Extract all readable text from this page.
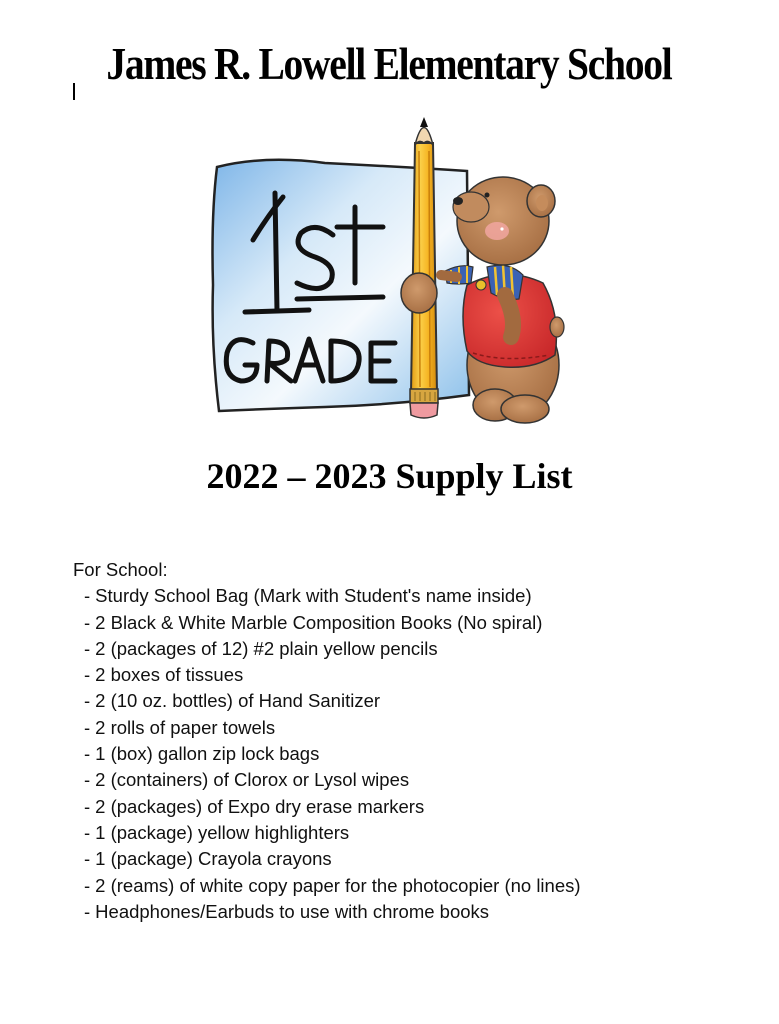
James R. Lowell Elementary School
2022 – 2023 Supply List
For School:
- Sturdy School Bag (Mark with Student's name inside)
- 2 Black & White Marble Composition Books (No spiral)
- 2 (packages of 12) #2 plain yellow pencils
- 2 boxes of tissues
- 2 (10 oz. bottles) of Hand Sanitizer
- 2 rolls of paper towels
- 1 (box) gallon zip lock bags
- 2 (containers) of Clorox or Lysol wipes
- 2 (packages) of Expo dry erase markers
- 1 (package) yellow highlighters
- 1 (package) Crayola crayons
- 2 (reams) of white copy paper for the photocopier (no lines)
- Headphones/Earbuds to use with chrome books
